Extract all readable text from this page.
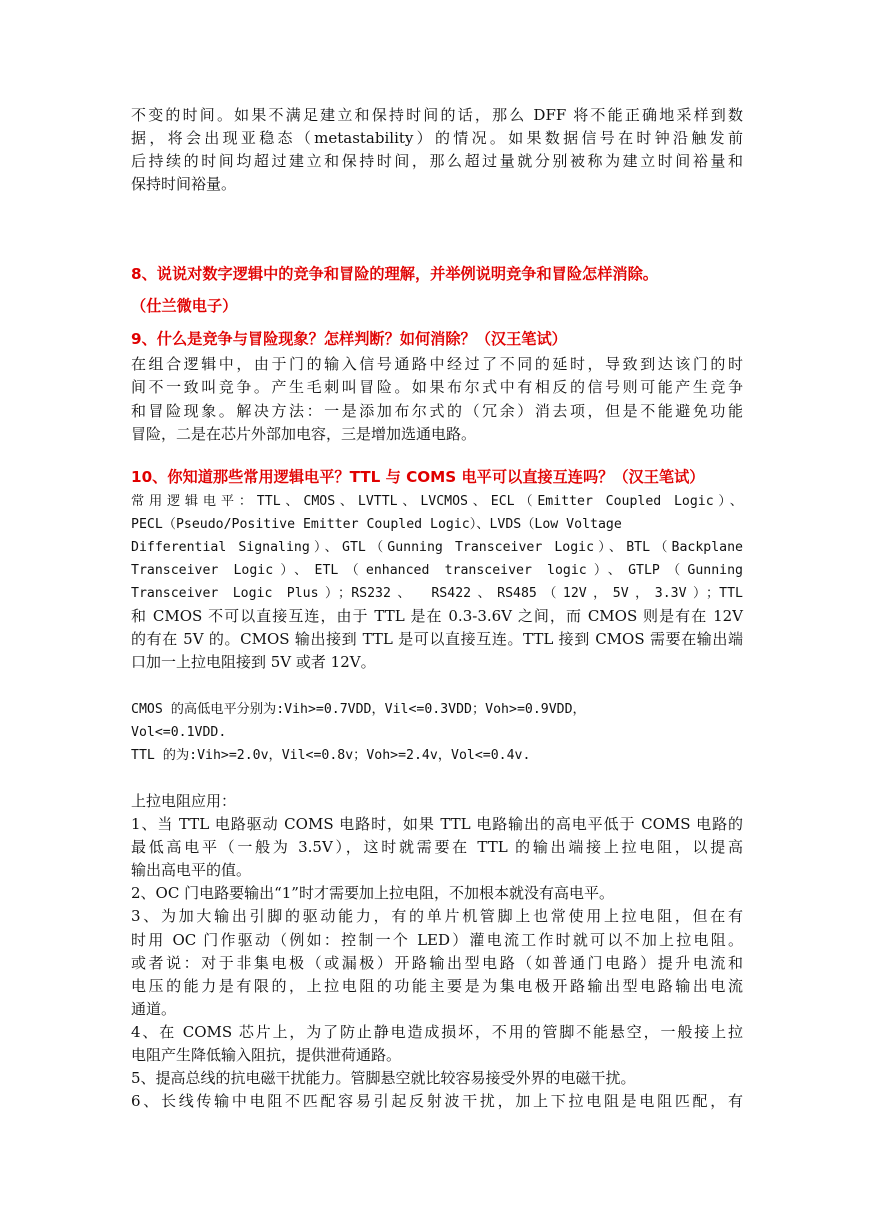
不变的时间。如果不满足建立和保持时间的话，那么 DFF 将不能正确地采样到数
据，将会出现亚稳态（metastability）的情况。如果数据信号在时钟沿触发前
后持续的时间均超过建立和保持时间，那么超过量就分别被称为建立时间裕量和
保持时间裕量。
8、说说对数字逻辑中的竞争和冒险的理解，并举例说明竞争和冒险怎样消除。
（仕兰微电子）
9、什么是竞争与冒险现象？怎样判断？如何消除？（汉王笔试）
在组合逻辑中，由于门的输入信号通路中经过了不同的延时，导致到达该门的时
间不一致叫竞争。产生毛刺叫冒险。如果布尔式中有相反的信号则可能产生竞争
和冒险现象。解决方法：一是添加布尔式的（冗余）消去项，但是不能避免功能
冒险，二是在芯片外部加电容，三是增加选通电路。
10、你知道那些常用逻辑电平？TTL 与 COMS 电平可以直接互连吗？（汉王笔试）
常用逻辑电平：TTL、CMOS、LVTTL、LVCMOS、ECL（Emitter Coupled Logic）、
PECL（Pseudo/Positive Emitter Coupled Logic）、LVDS（Low Voltage
Differential Signaling）、GTL（Gunning Transceiver Logic）、BTL（Backplane
Transceiver Logic）、ETL（enhanced transceiver logic）、GTLP（Gunning
Transceiver Logic Plus）；RS232、 RS422、RS485（12V，5V，3.3V）；TTL
和 CMOS 不可以直接互连，由于 TTL 是在 0.3-3.6V 之间，而 CMOS 则是有在 12V
的有在 5V 的。CMOS 输出接到 TTL 是可以直接互连。TTL 接到 CMOS 需要在输出端
口加一上拉电阻接到 5V 或者 12V。
CMOS 的高低电平分别为:Vih>=0.7VDD，Vil<=0.3VDD；Voh>=0.9VDD，
Vol<=0.1VDD.
TTL 的为:Vih>=2.0v，Vil<=0.8v；Voh>=2.4v，Vol<=0.4v.
上拉电阻应用：
1、当 TTL 电路驱动 COMS 电路时，如果 TTL 电路输出的高电平低于 COMS 电路的
最低高电平（一般为 3.5V），这时就需要在 TTL 的输出端接上拉电阻，以提高
输出高电平的值。
2、OC 门电路要输出“1”时才需要加上拉电阻，不加根本就没有高电平。
3、为加大输出引脚的驱动能力，有的单片机管脚上也常使用上拉电阻，但在有
时用 OC 门作驱动（例如：控制一个 LED）灌电流工作时就可以不加上拉电阻。
或者说：对于非集电极（或漏极）开路输出型电路（如普通门电路）提升电流和
电压的能力是有限的，上拉电阻的功能主要是为集电极开路输出型电路输出电流
通道。
4、在 COMS 芯片上，为了防止静电造成损坏，不用的管脚不能悬空，一般接上拉
电阻产生降低输入阻抗，提供泄荷通路。
5、提高总线的抗电磁干扰能力。管脚悬空就比较容易接受外界的电磁干扰。
6、长线传输中电阻不匹配容易引起反射波干扰，加上下拉电阻是电阻匹配，有
